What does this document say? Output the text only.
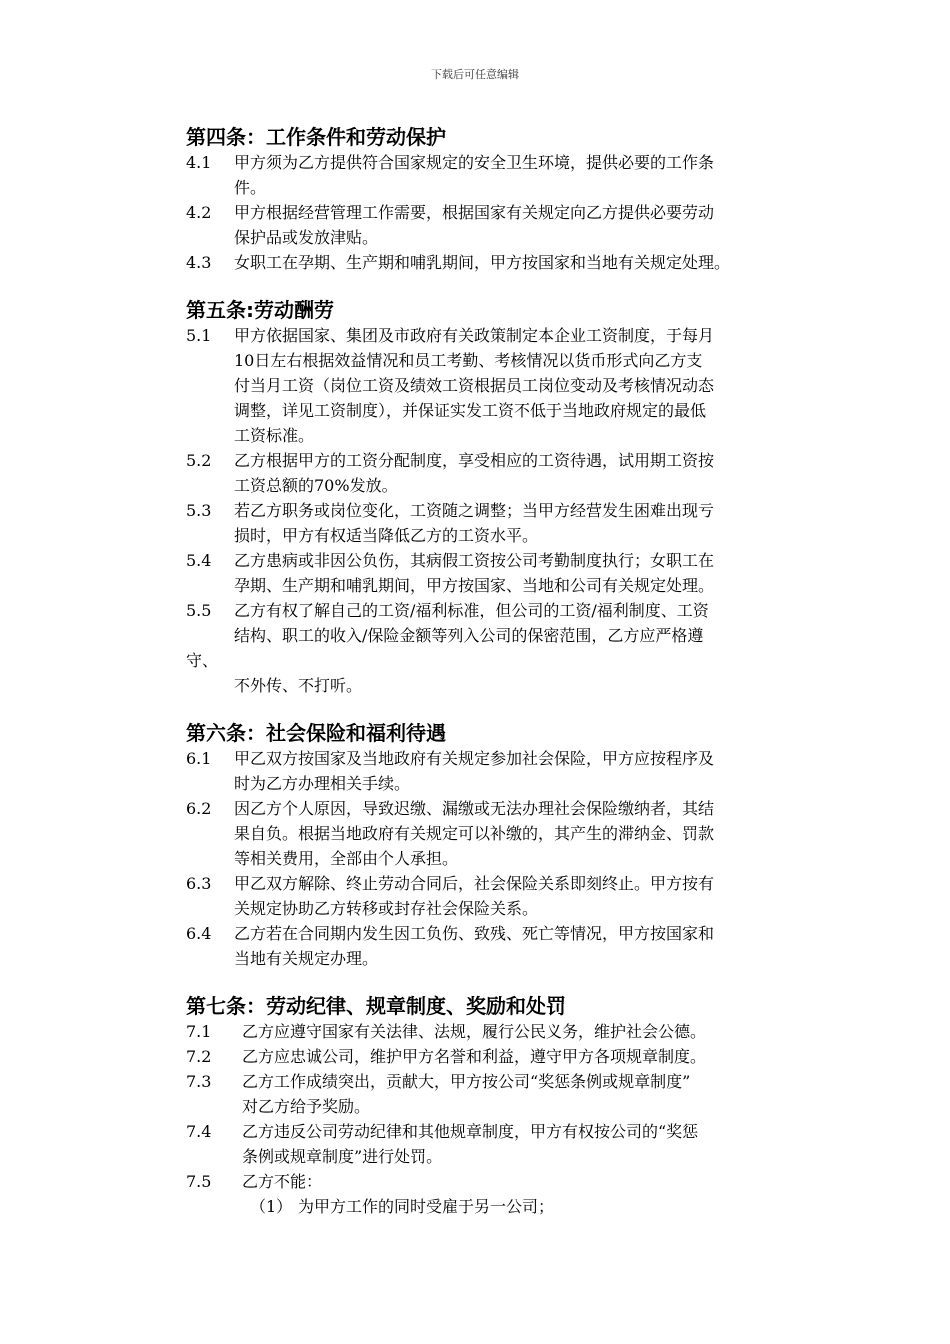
下载后可任意编辑
第四条：工作条件和劳动保护
4.1 甲方须为乙方提供符合国家规定的安全卫生环境，提供必要的工作条
件。
4.2 甲方根据经营管理工作需要，根据国家有关规定向乙方提供必要劳动
保护品或发放津贴。
4.3 女职工在孕期、生产期和哺乳期间，甲方按国家和当地有关规定处理。
第五条:劳动酬劳
5.1 甲方依据国家、集团及市政府有关政策制定本企业工资制度，于每月
10日左右根据效益情况和员工考勤、考核情况以货币形式向乙方支
付当月工资（岗位工资及绩效工资根据员工岗位变动及考核情况动态
调整，详见工资制度），并保证实发工资不低于当地政府规定的最低
工资标准。
5.2 乙方根据甲方的工资分配制度，享受相应的工资待遇，试用期工资按
工资总额的70%发放。
5.3 若乙方职务或岗位变化，工资随之调整；当甲方经营发生困难出现亏
损时，甲方有权适当降低乙方的工资水平。
5.4 乙方患病或非因公负伤，其病假工资按公司考勤制度执行；女职工在
孕期、生产期和哺乳期间，甲方按国家、当地和公司有关规定处理。
5.5 乙方有权了解自己的工资/福利标准，但公司的工资/福利制度、工资
结构、职工的收入/保险金额等列入公司的保密范围，乙方应严格遵
守、
不外传、不打听。
第六条：社会保险和福利待遇
6.1 甲乙双方按国家及当地政府有关规定参加社会保险，甲方应按程序及
时为乙方办理相关手续。
6.2 因乙方个人原因，导致迟缴、漏缴或无法办理社会保险缴纳者，其结
果自负。根据当地政府有关规定可以补缴的，其产生的滞纳金、罚款
等相关费用，全部由个人承担。
6.3 甲乙双方解除、终止劳动合同后，社会保险关系即刻终止。甲方按有
关规定协助乙方转移或封存社会保险关系。
6.4 乙方若在合同期内发生因工负伤、致残、死亡等情况，甲方按国家和
当地有关规定办理。
第七条：劳动纪律、规章制度、奖励和处罚
7.1 乙方应遵守国家有关法律、法规，履行公民义务，维护社会公德。
7.2 乙方应忠诚公司，维护甲方名誉和利益，遵守甲方各项规章制度。
7.3 乙方工作成绩突出，贡献大，甲方按公司“奖惩条例或规章制度”
对乙方给予奖励。
7.4 乙方违反公司劳动纪律和其他规章制度，甲方有权按公司的“奖惩
条例或规章制度”进行处罚。
7.5 乙方不能：
（1） 为甲方工作的同时受雇于另一公司；
